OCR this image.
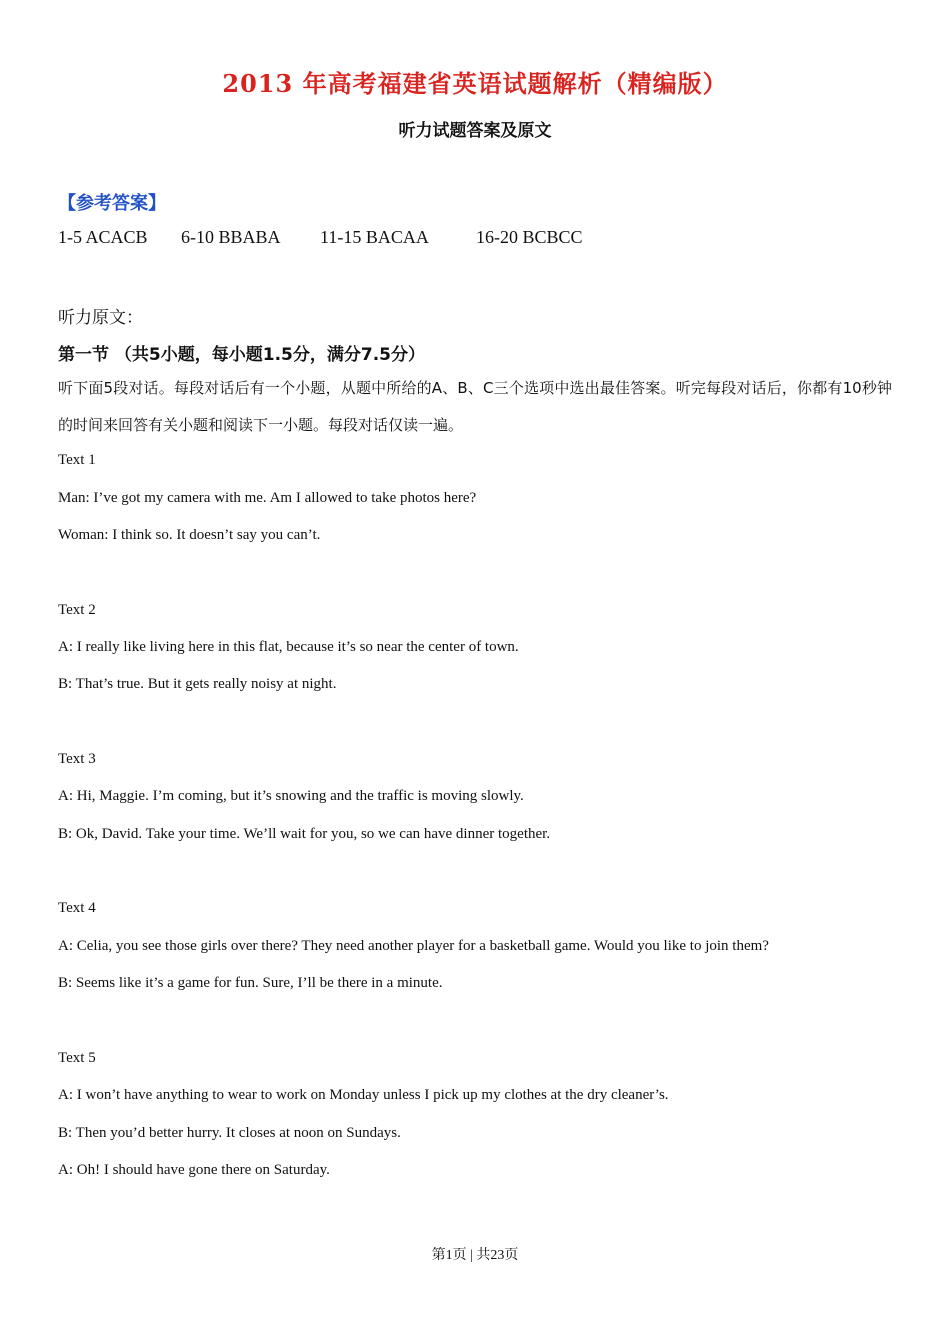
2013 年高考福建省英语试题解析（精编版）
听力试题答案及原文
【参考答案】
1-5 ACACB 6-10 BBABA 11-15 BACAA	16-20 BCBCC
听力原文：
第一节 （共5小题，每小题1.5分，满分7.5分）
听下面5段对话。每段对话后有一个小题，从题中所给的A、B、C三个选项中选出最佳答案。听完每段对话后，你都有10秒钟的时间来回答有关小题和阅读下一小题。每段对话仅读一遍。
Text 1
Man: I’ve got my camera with me. Am I allowed to take photos here?
Woman: I think so. It doesn’t say you can’t.
Text 2
A: I really like living here in this flat, because it’s so near the center of town.
B: That’s true. But it gets really noisy at night.
Text 3
A: Hi, Maggie. I’m coming, but it’s snowing and the traffic is moving slowly.
B: Ok, David. Take your time. We’ll wait for you, so we can have dinner together.
Text 4
A: Celia, you see those girls over there? They need another player for a basketball game. Would you like to join them?
B: Seems like it’s a game for fun. Sure, I’ll be there in a minute.
Text 5
A: I won’t have anything to wear to work on Monday unless I pick up my clothes at the dry cleaner’s.
B: Then you’d better hurry. It closes at noon on Sundays.
A: Oh! I should have gone there on Saturday.
第1页 | 共23页
